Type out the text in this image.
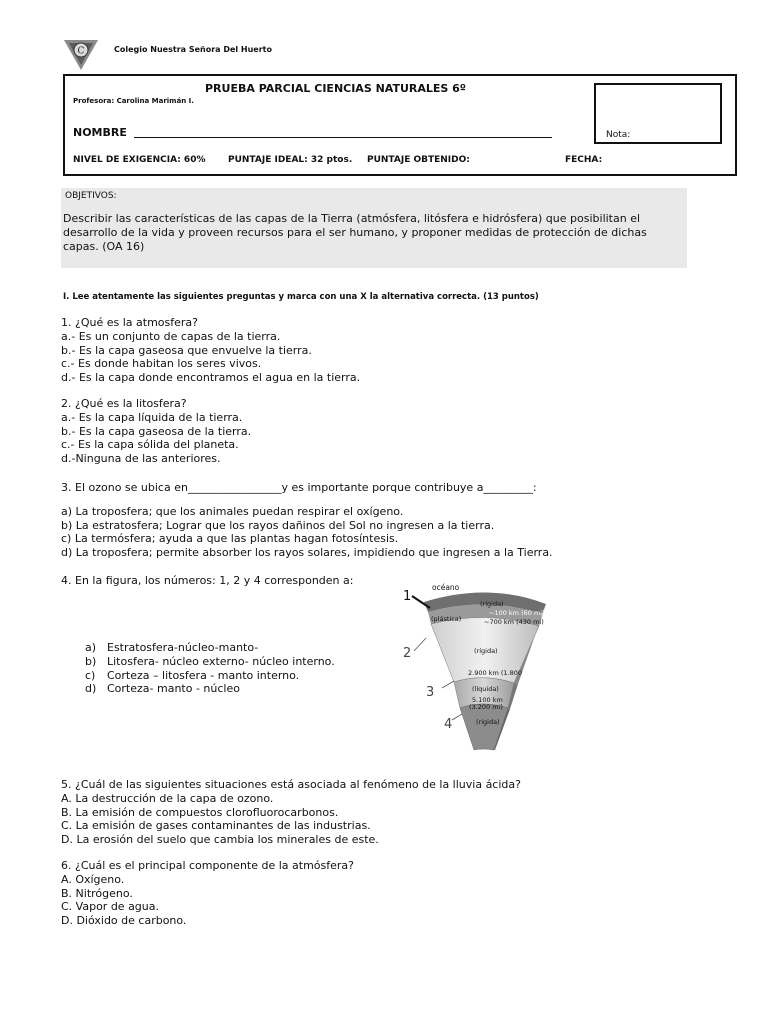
C	Colegio Nuestra Señora Del Huerto
PRUEBA PARCIAL CIENCIAS NATURALES 6º
Profesora: Carolina Marimán I.
NOMBRE	Nota:
NIVEL DE EXIGENCIA: 60%	PUNTAJE IDEAL: 32 ptos. PUNTAJE OBTENIDO:	FECHA:
OBJETIVOS:
Describir las características de las capas de la Tierra (atmósfera, litósfera e hidrósfera) que posibilitan el
desarrollo de la vida y proveen recursos para el ser humano, y proponer medidas de protección de dichas
capas. (OA 16)
I. Lee atentamente las siguientes preguntas y marca con una X la alternativa correcta. (13 puntos)
1. ¿Qué es la atmosfera?
a.- Es un conjunto de capas de la tierra.
b.- Es la capa gaseosa que envuelve la tierra.
c.- Es donde habitan los seres vivos.
d.- Es la capa donde encontramos el agua en la tierra.
2. ¿Qué es la litosfera?
a.- Es la capa líquida de la tierra.
b.- Es la capa gaseosa de la tierra.
c.- Es la capa sólida del planeta.
d.-Ninguna de las anteriores.
3. El ozono se ubica en_________________y es importante porque contribuye a_________:
a) La troposfera; que los animales puedan respirar el oxígeno.
b) La estratosfera; Lograr que los rayos dañinos del Sol no ingresen a la tierra.
c) La termósfera; ayuda a que las plantas hagan fotosíntesis.
d) La troposfera; permite absorber los rayos solares, impidiendo que ingresen a la Tierra.
4. En la figura, los números: 1, 2 y 4 corresponden a:
a) Estratosfera-núcleo-manto-
b) Litosfera- núcleo externo- núcleo interno.
c) Corteza – litosfera - manto interno.
d) Corteza- manto - núcleo
1
2
3
4
océano
(rígida)
~100 km (60 mi)
(plástica)	~700 km (430 mi)
(rígida)
2.900 km (1.800
(líquida)
5.100 km
(3.200 mi)
(rígida)
5. ¿Cuál de las siguientes situaciones está asociada al fenómeno de la lluvia ácida?
A. La destrucción de la capa de ozono.
B. La emisión de compuestos clorofluorocarbonos.
C. La emisión de gases contaminantes de las industrias.
D. La erosión del suelo que cambia los minerales de este.
6. ¿Cuál es el principal componente de la atmósfera?
A. Oxígeno.
B. Nitrógeno.
C. Vapor de agua.
D. Dióxido de carbono.
